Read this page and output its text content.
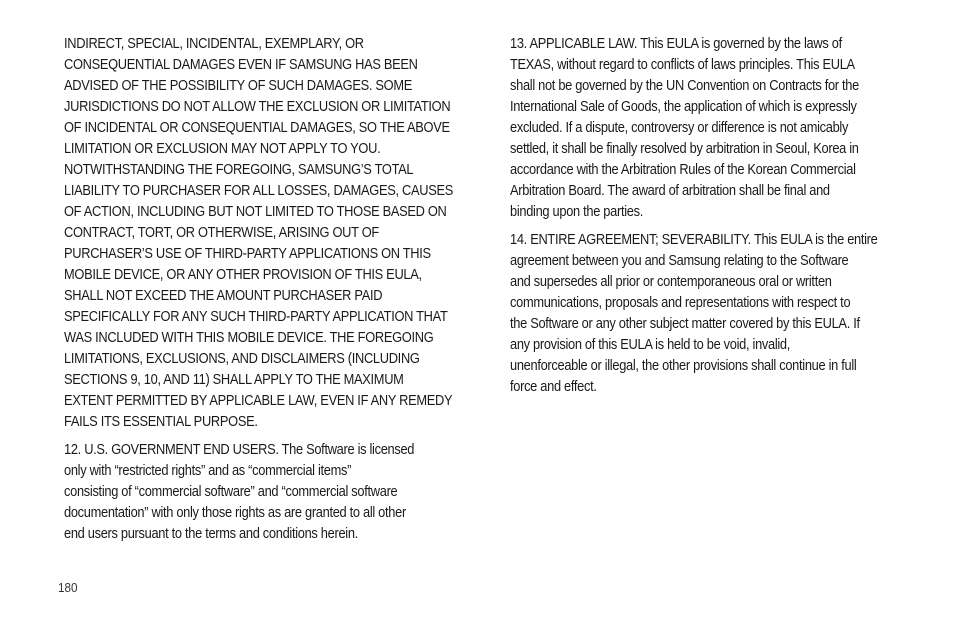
INDIRECT, SPECIAL, INCIDENTAL, EXEMPLARY, OR
CONSEQUENTIAL DAMAGES EVEN IF SAMSUNG HAS BEEN
ADVISED OF THE POSSIBILITY OF SUCH DAMAGES. SOME
JURISDICTIONS DO NOT ALLOW THE EXCLUSION OR LIMITATION
OF INCIDENTAL OR CONSEQUENTIAL DAMAGES, SO THE ABOVE
LIMITATION OR EXCLUSION MAY NOT APPLY TO YOU.
NOTWITHSTANDING THE FOREGOING, SAMSUNG’S TOTAL
LIABILITY TO PURCHASER FOR ALL LOSSES, DAMAGES, CAUSES
OF ACTION, INCLUDING BUT NOT LIMITED TO THOSE BASED ON
CONTRACT, TORT, OR OTHERWISE, ARISING OUT OF
PURCHASER’S USE OF THIRD-PARTY APPLICATIONS ON THIS
MOBILE DEVICE, OR ANY OTHER PROVISION OF THIS EULA,
SHALL NOT EXCEED THE AMOUNT PURCHASER PAID
SPECIFICALLY FOR ANY SUCH THIRD-PARTY APPLICATION THAT
WAS INCLUDED WITH THIS MOBILE DEVICE. THE FOREGOING
LIMITATIONS, EXCLUSIONS, AND DISCLAIMERS (INCLUDING
SECTIONS 9, 10, AND 11) SHALL APPLY TO THE MAXIMUM
EXTENT PERMITTED BY APPLICABLE LAW, EVEN IF ANY REMEDY
FAILS ITS ESSENTIAL PURPOSE.

12. U.S. GOVERNMENT END USERS. The Software is licensed
only with “restricted rights” and as “commercial items”
consisting of “commercial software” and “commercial software
documentation” with only those rights as are granted to all other
end users pursuant to the terms and conditions herein.

13. APPLICABLE LAW. This EULA is governed by the laws of
TEXAS, without regard to conflicts of laws principles. This EULA
shall not be governed by the UN Convention on Contracts for the
International Sale of Goods, the application of which is expressly
excluded. If a dispute, controversy or difference is not amicably
settled, it shall be finally resolved by arbitration in Seoul, Korea in
accordance with the Arbitration Rules of the Korean Commercial
Arbitration Board. The award of arbitration shall be final and
binding upon the parties.

14. ENTIRE AGREEMENT; SEVERABILITY. This EULA is the entire
agreement between you and Samsung relating to the Software
and supersedes all prior or contemporaneous oral or written
communications, proposals and representations with respect to
the Software or any other subject matter covered by this EULA. If
any provision of this EULA is held to be void, invalid,
unenforceable or illegal, the other provisions shall continue in full
force and effect.

180
